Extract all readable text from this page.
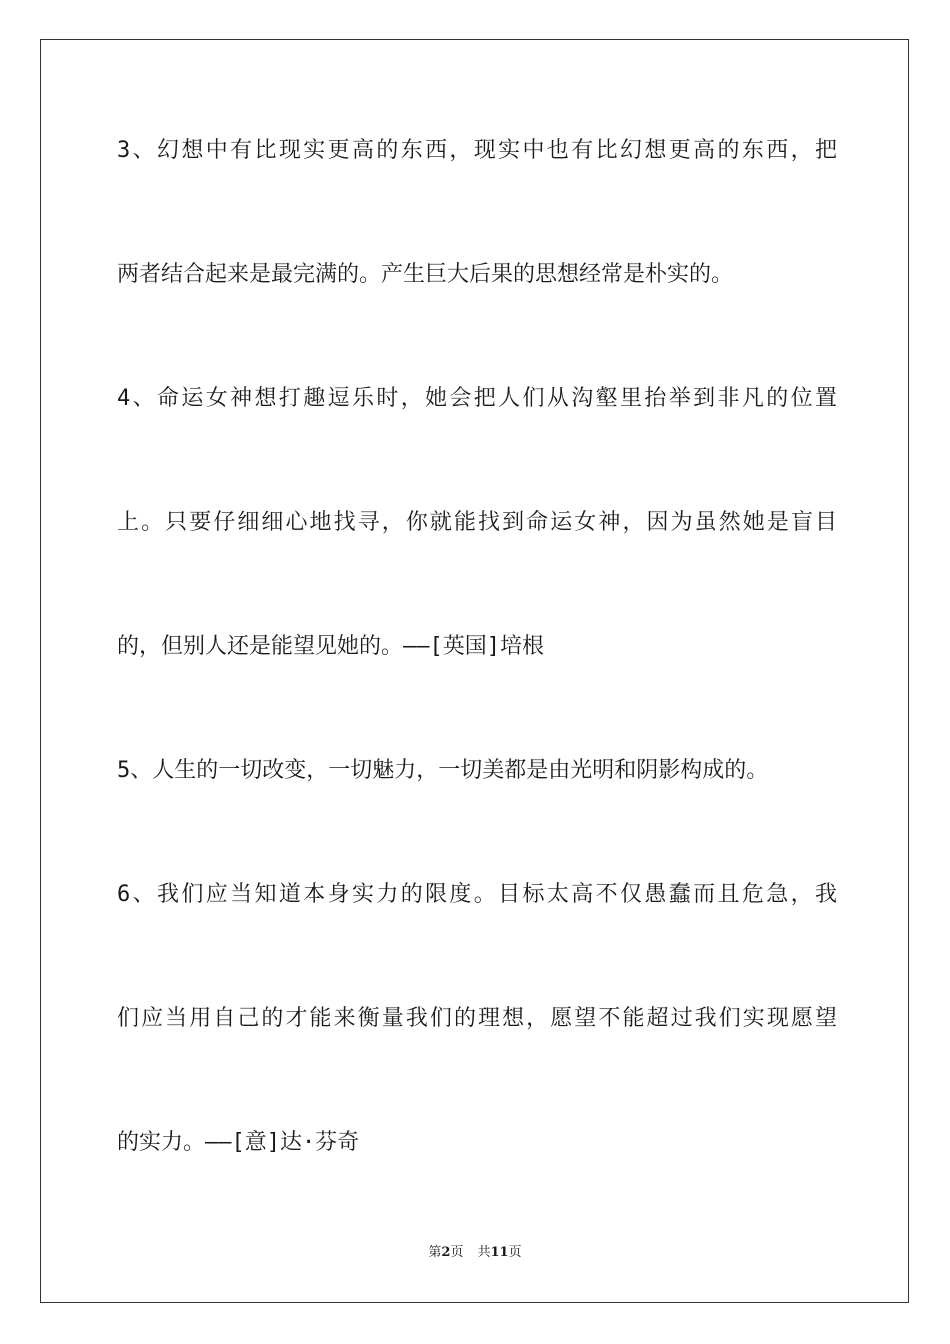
3、幻想中有比现实更高的东西，现实中也有比幻想更高的东西，把
两者结合起来是最完满的。产生巨大后果的思想经常是朴实的。
4、命运女神想打趣逗乐时，她会把人们从沟壑里抬举到非凡的位置
上。只要仔细细心地找寻，你就能找到命运女神，因为虽然她是盲目
的，但别人还是能望见她的。——[英国]培根
5、人生的一切改变，一切魅力，一切美都是由光明和阴影构成的。
6、我们应当知道本身实力的限度。目标太高不仅愚蠢而且危急，我
们应当用自己的才能来衡量我们的理想，愿望不能超过我们实现愿望
的实力。——[意]达·芬奇
第2页 共11页
